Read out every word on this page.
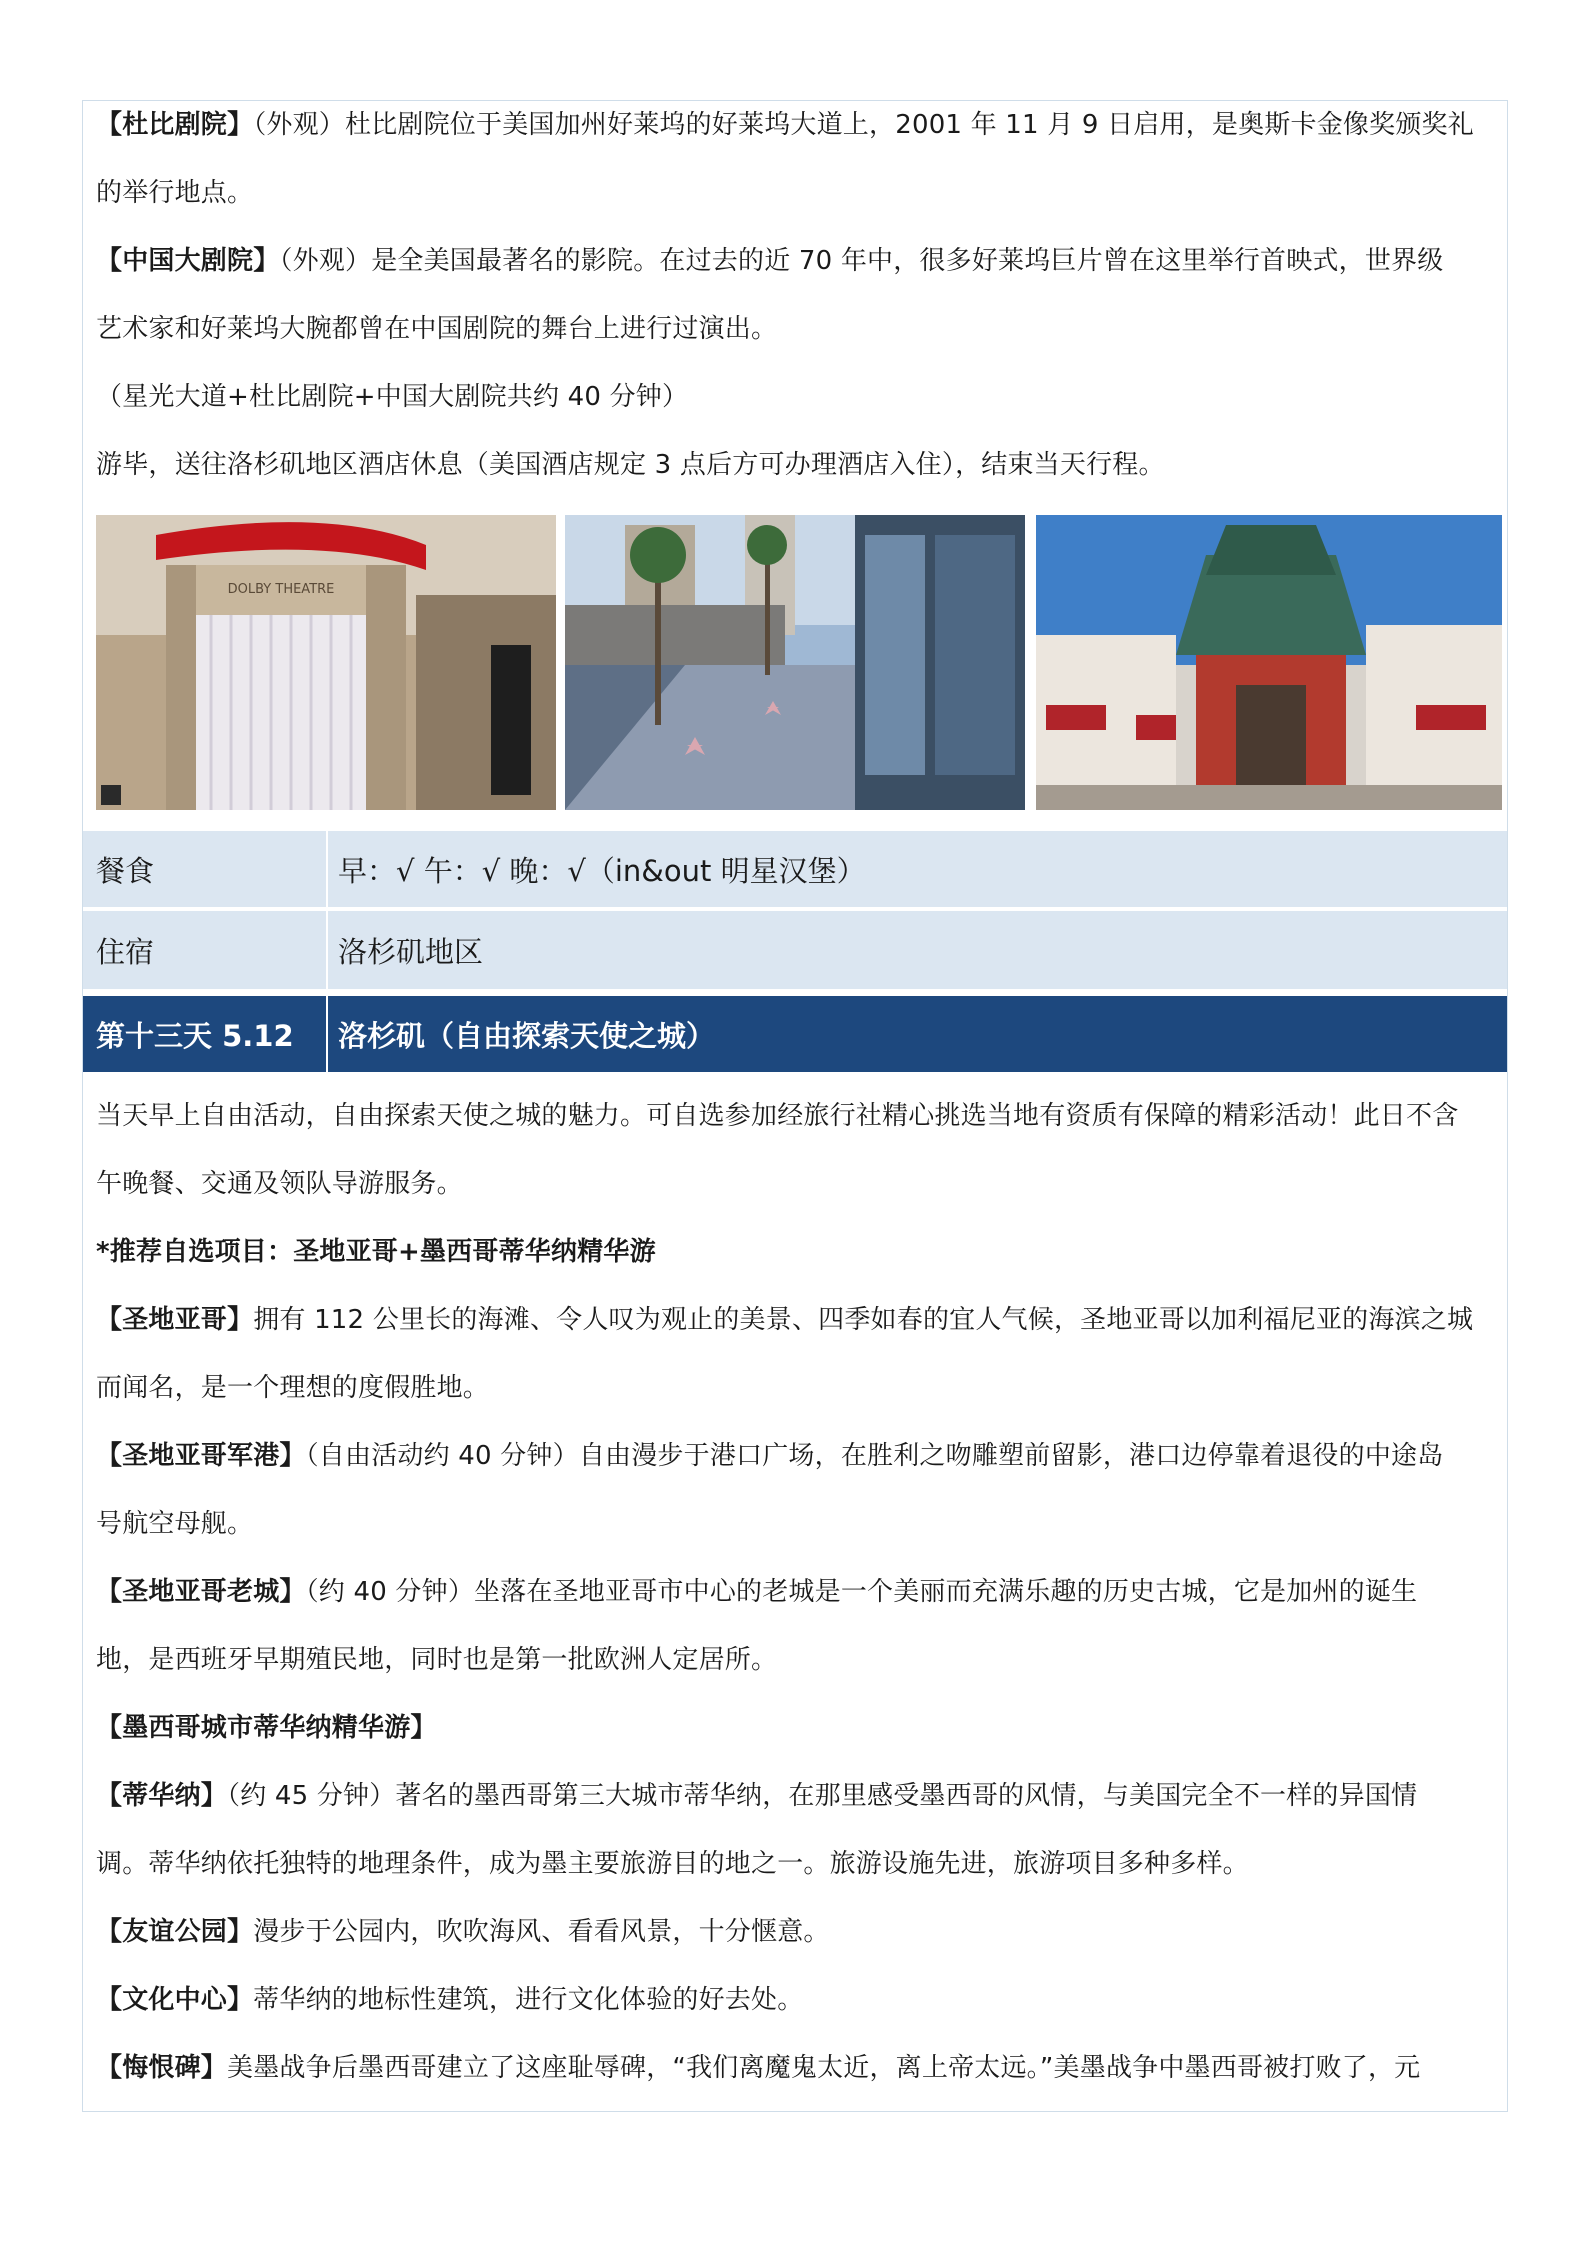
【杜比剧院】（外观）杜比剧院位于美国加州好莱坞的好莱坞大道上，2001 年 11 月 9 日启用，是奥斯卡金像奖颁奖礼
的举行地点。
【中国大剧院】（外观）是全美国最著名的影院。在过去的近 70 年中，很多好莱坞巨片曾在这里举行首映式，世界级
艺术家和好莱坞大腕都曾在中国剧院的舞台上进行过演出。
（星光大道+杜比剧院+中国大剧院共约 40 分钟）
游毕，送往洛杉矶地区酒店休息（美国酒店规定 3 点后方可办理酒店入住），结束当天行程。
DOLBY THEATRE
餐食	早：√ 午：√ 晚：√（in&out 明星汉堡）
住宿	洛杉矶地区
第十三天 5.12 洛杉矶（自由探索天使之城）
当天早上自由活动，自由探索天使之城的魅力。可自选参加经旅行社精心挑选当地有资质有保障的精彩活动！此日不含
午晚餐、交通及领队导游服务。
*推荐自选项目：圣地亚哥+墨西哥蒂华纳精华游
【圣地亚哥】拥有 112 公里长的海滩、令人叹为观止的美景、四季如春的宜人气候，圣地亚哥以加利福尼亚的海滨之城
而闻名，是一个理想的度假胜地。
【圣地亚哥军港】（自由活动约 40 分钟）自由漫步于港口广场，在胜利之吻雕塑前留影，港口边停靠着退役的中途岛
号航空母舰。
【圣地亚哥老城】（约 40 分钟）坐落在圣地亚哥市中心的老城是一个美丽而充满乐趣的历史古城，它是加州的诞生
地，是西班牙早期殖民地，同时也是第一批欧洲人定居所。
【墨西哥城市蒂华纳精华游】
【蒂华纳】（约 45 分钟）著名的墨西哥第三大城市蒂华纳，在那里感受墨西哥的风情，与美国完全不一样的异国情
调。蒂华纳依托独特的地理条件，成为墨主要旅游目的地之一。旅游设施先进，旅游项目多种多样。
【友谊公园】漫步于公园内，吹吹海风、看看风景，十分惬意。
【文化中心】蒂华纳的地标性建筑，进行文化体验的好去处。
【悔恨碑】美墨战争后墨西哥建立了这座耻辱碑，“我们离魔鬼太近，离上帝太远。”美墨战争中墨西哥被打败了，元
